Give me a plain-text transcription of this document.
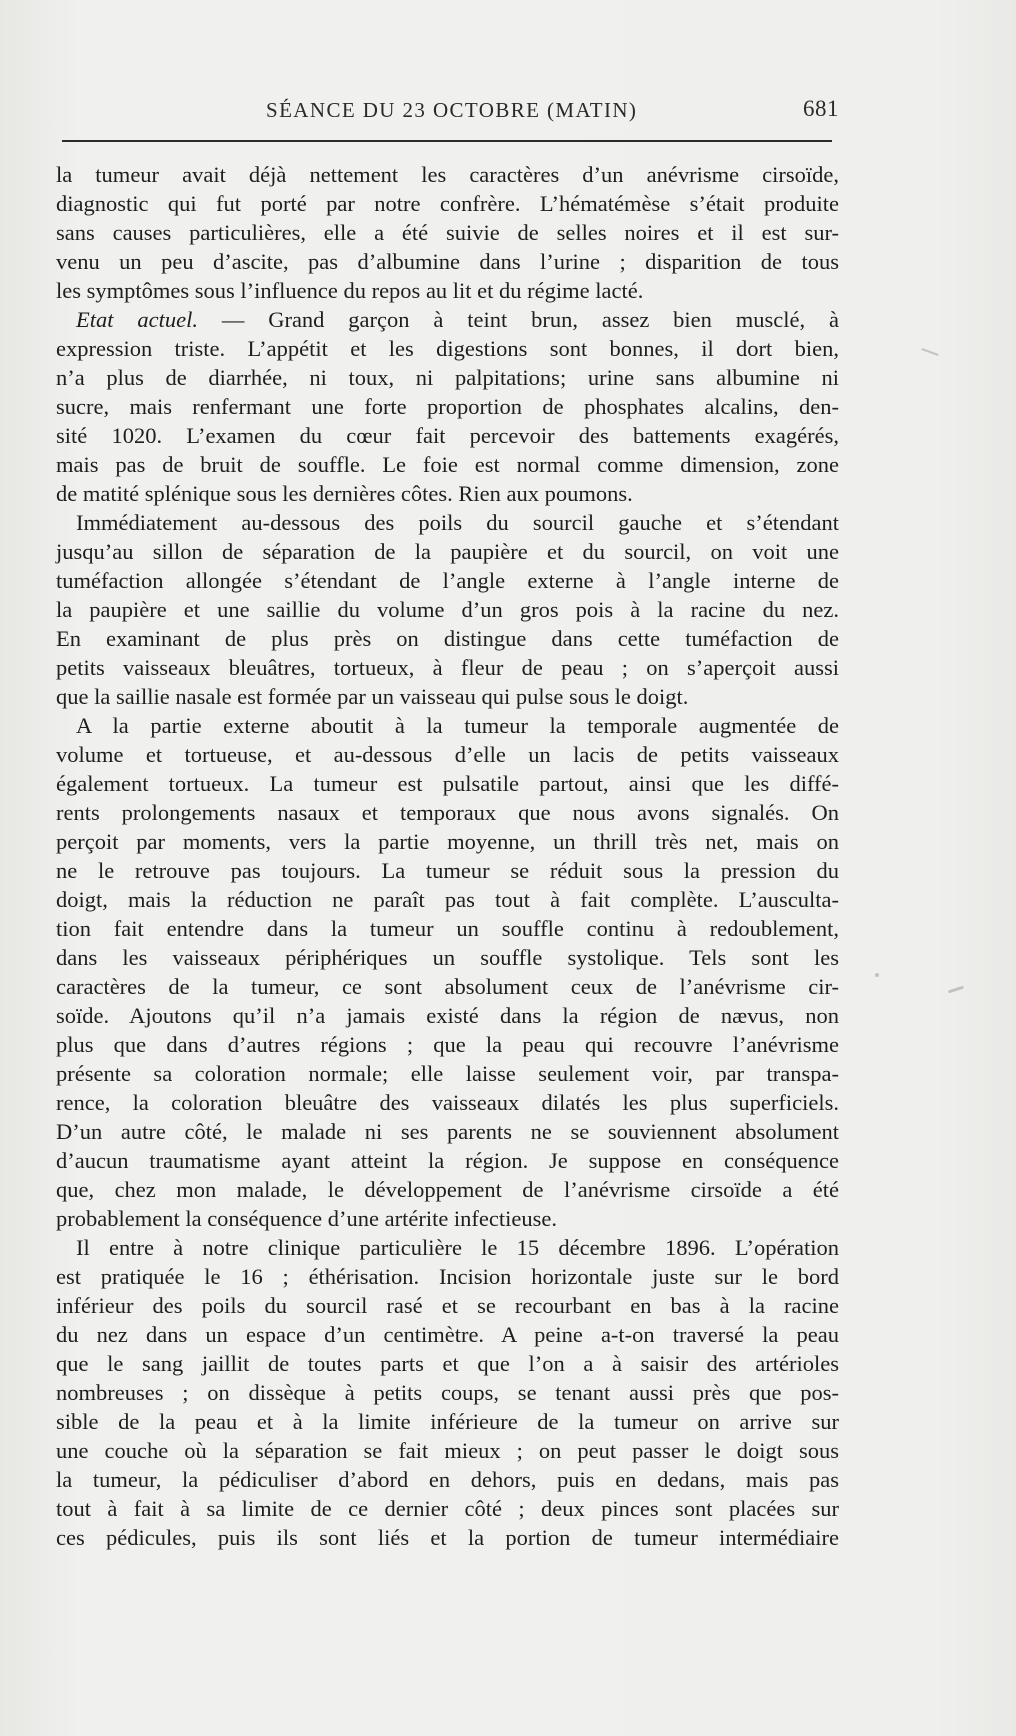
SÉANCE DU 23 OCTOBRE (MATIN)	681
la tumeur avait déjà nettement les caractères d’un anévrisme cirsoïde,
diagnostic qui fut porté par notre confrère. L’hématémèse s’était produite
sans causes particulières, elle a été suivie de selles noires et il est sur-
venu un peu d’ascite, pas d’albumine dans l’urine ; disparition de tous
les symptômes sous l’influence du repos au lit et du régime lacté.
Etat actuel. — Grand garçon à teint brun, assez bien musclé, à
expression triste. L’appétit et les digestions sont bonnes, il dort bien,
n’a plus de diarrhée, ni toux, ni palpitations; urine sans albumine ni
sucre, mais renfermant une forte proportion de phosphates alcalins, den-
sité 1020. L’examen du cœur fait percevoir des battements exagérés,
mais pas de bruit de souffle. Le foie est normal comme dimension, zone
de matité splénique sous les dernières côtes. Rien aux poumons.
Immédiatement au-dessous des poils du sourcil gauche et s’étendant
jusqu’au sillon de séparation de la paupière et du sourcil, on voit une
tuméfaction allongée s’étendant de l’angle externe à l’angle interne de
la paupière et une saillie du volume d’un gros pois à la racine du nez.
En examinant de plus près on distingue dans cette tuméfaction de
petits vaisseaux bleuâtres, tortueux, à fleur de peau ; on s’aperçoit aussi
que la saillie nasale est formée par un vaisseau qui pulse sous le doigt.
A la partie externe aboutit à la tumeur la temporale augmentée de
volume et tortueuse, et au-dessous d’elle un lacis de petits vaisseaux
également tortueux. La tumeur est pulsatile partout, ainsi que les diffé-
rents prolongements nasaux et temporaux que nous avons signalés. On
perçoit par moments, vers la partie moyenne, un thrill très net, mais on
ne le retrouve pas toujours. La tumeur se réduit sous la pression du
doigt, mais la réduction ne paraît pas tout à fait complète. L’ausculta-
tion fait entendre dans la tumeur un souffle continu à redoublement,
dans les vaisseaux périphériques un souffle systolique. Tels sont les
caractères de la tumeur, ce sont absolument ceux de l’anévrisme cir-
soïde. Ajoutons qu’il n’a jamais existé dans la région de nævus, non
plus que dans d’autres régions ; que la peau qui recouvre l’anévrisme
présente sa coloration normale; elle laisse seulement voir, par transpa-
rence, la coloration bleuâtre des vaisseaux dilatés les plus superficiels.
D’un autre côté, le malade ni ses parents ne se souviennent absolument
d’aucun traumatisme ayant atteint la région. Je suppose en conséquence
que, chez mon malade, le développement de l’anévrisme cirsoïde a été
probablement la conséquence d’une artérite infectieuse.
Il entre à notre clinique particulière le 15 décembre 1896. L’opération
est pratiquée le 16 ; éthérisation. Incision horizontale juste sur le bord
inférieur des poils du sourcil rasé et se recourbant en bas à la racine
du nez dans un espace d’un centimètre. A peine a-t-on traversé la peau
que le sang jaillit de toutes parts et que l’on a à saisir des artérioles
nombreuses ; on dissèque à petits coups, se tenant aussi près que pos-
sible de la peau et à la limite inférieure de la tumeur on arrive sur
une couche où la séparation se fait mieux ; on peut passer le doigt sous
la tumeur, la pédiculiser d’abord en dehors, puis en dedans, mais pas
tout à fait à sa limite de ce dernier côté ; deux pinces sont placées sur
ces pédicules, puis ils sont liés et la portion de tumeur intermédiaire
